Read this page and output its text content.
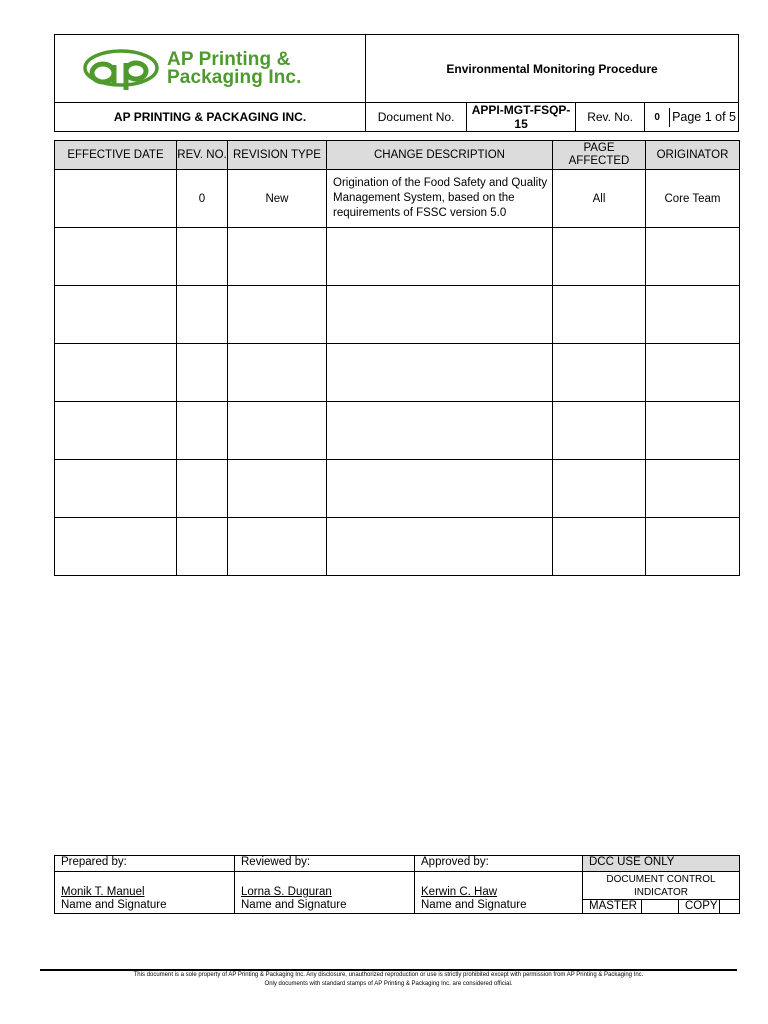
AP Printing &
Packaging Inc.	Environmental Monitoring Procedure			
AP PRINTING & PACKAGING INC.	Document No.	APPI-MGT-FSQP-15	Rev. No.	0 Page 1 of 5
EFFECTIVE DATE	REV. NO.	REVISION TYPE	CHANGE DESCRIPTION	PAGE AFFECTED	ORIGINATOR
	0	New	Origination of the Food Safety and Quality Management System, based on the requirements of FSSC version 5.0	All	Core Team

Prepared by:	Reviewed by:	Approved by:	DCC USE ONLY
Monik T. Manuel	Lorna S. Duguran	Kerwin C. Haw	DOCUMENT CONTROL INDICATOR
Name and Signature	Name and Signature	Name and Signature		MASTER		COPY	
This document is a sole property of AP Printing & Packaging Inc. Any disclosure, unauthorized reproduction or use is strictly prohibited except with permission from AP Printing & Packaging Inc.
Only documents with standard stamps of AP Printing & Packaging Inc. are considered official.
